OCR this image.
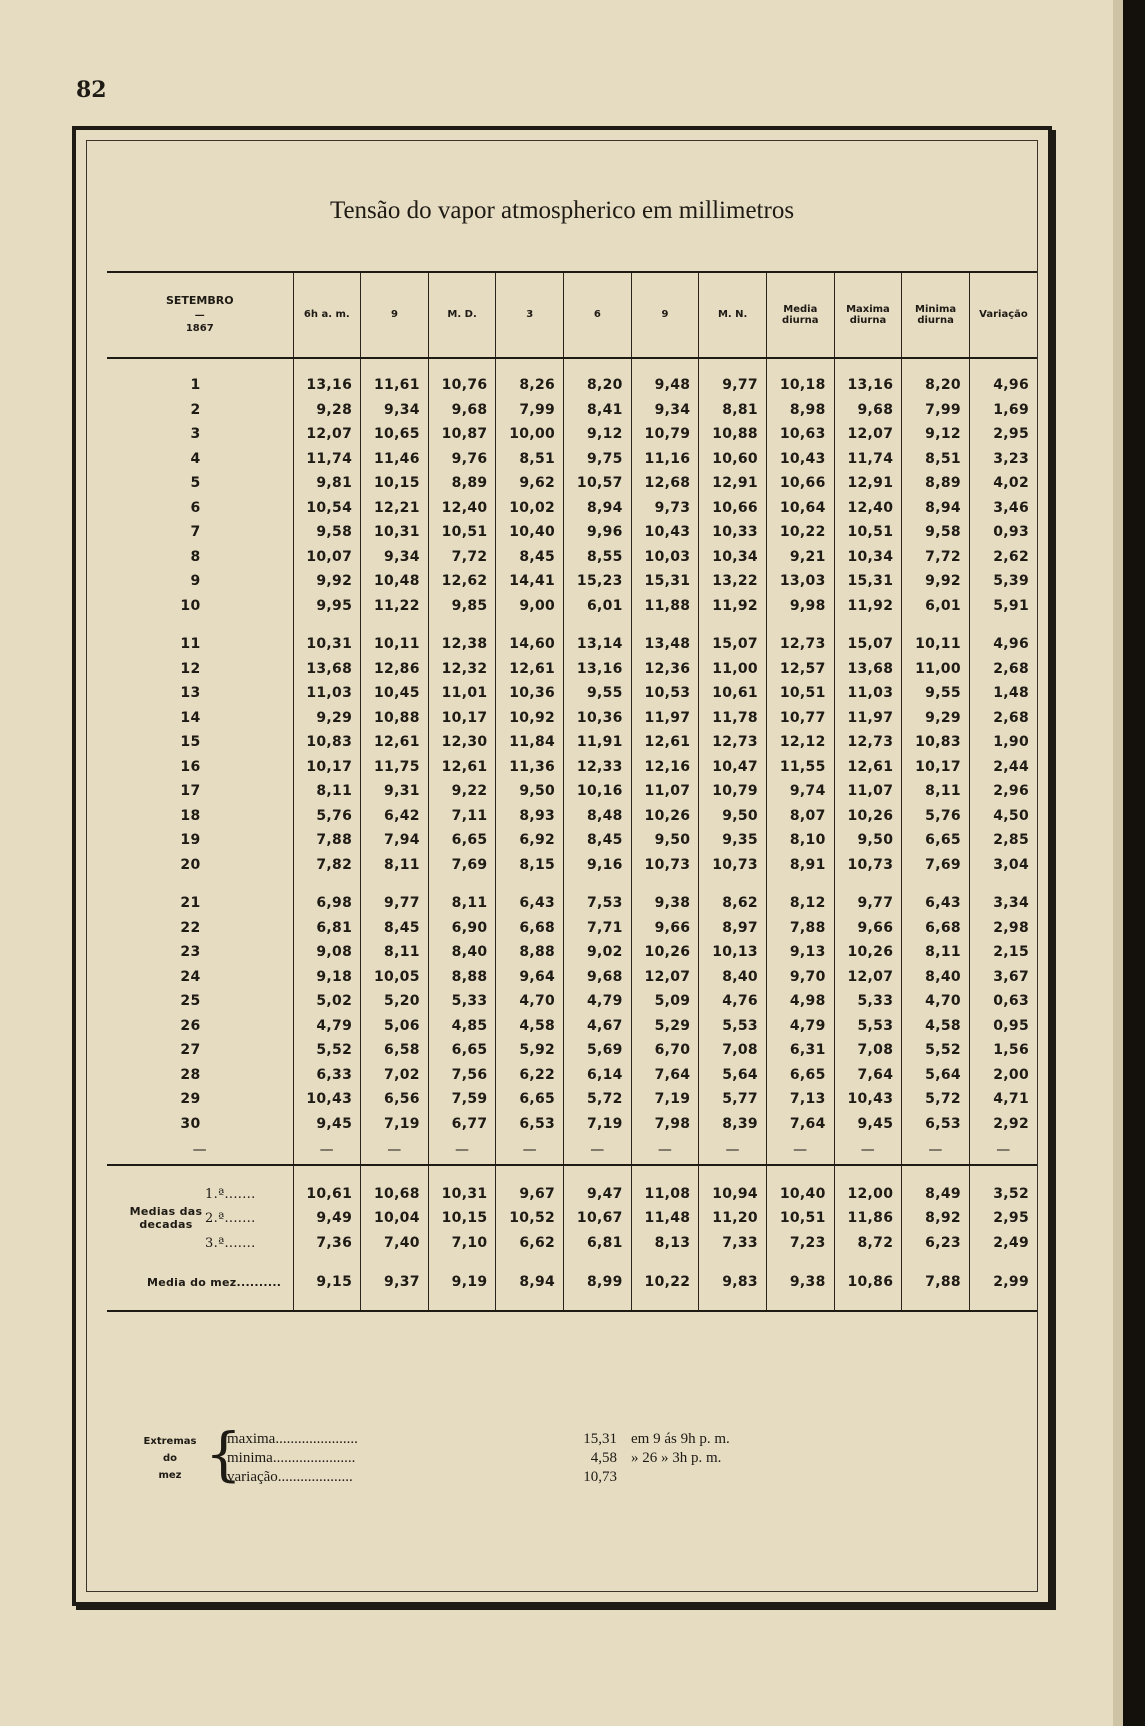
82
Tensão do vapor atmospherico em millimetros
SETEMBRO
—
1867	6h a. m.	9	M. D.	3	6	9	M. N.	Media diurna	Maxima diurna	Minima diurna	Variação
1	13,16	11,61	10,76	8,26	8,20	9,48	9,77	10,18	13,16	8,20	4,96
2	9,28	9,34	9,68	7,99	8,41	9,34	8,81	8,98	9,68	7,99	1,69
3	12,07	10,65	10,87	10,00	9,12	10,79	10,88	10,63	12,07	9,12	2,95
4	11,74	11,46	9,76	8,51	9,75	11,16	10,60	10,43	11,74	8,51	3,23
5	9,81	10,15	8,89	9,62	10,57	12,68	12,91	10,66	12,91	8,89	4,02
6	10,54	12,21	12,40	10,02	8,94	9,73	10,66	10,64	12,40	8,94	3,46
7	9,58	10,31	10,51	10,40	9,96	10,43	10,33	10,22	10,51	9,58	0,93
8	10,07	9,34	7,72	8,45	8,55	10,03	10,34	9,21	10,34	7,72	2,62
9	9,92	10,48	12,62	14,41	15,23	15,31	13,22	13,03	15,31	9,92	5,39
10	9,95	11,22	9,85	9,00	6,01	11,88	11,92	9,98	11,92	6,01	5,91
11	10,31	10,11	12,38	14,60	13,14	13,48	15,07	12,73	15,07	10,11	4,96
12	13,68	12,86	12,32	12,61	13,16	12,36	11,00	12,57	13,68	11,00	2,68
13	11,03	10,45	11,01	10,36	9,55	10,53	10,61	10,51	11,03	9,55	1,48
14	9,29	10,88	10,17	10,92	10,36	11,97	11,78	10,77	11,97	9,29	2,68
15	10,83	12,61	12,30	11,84	11,91	12,61	12,73	12,12	12,73	10,83	1,90
16	10,17	11,75	12,61	11,36	12,33	12,16	10,47	11,55	12,61	10,17	2,44
17	8,11	9,31	9,22	9,50	10,16	11,07	10,79	9,74	11,07	8,11	2,96
18	5,76	6,42	7,11	8,93	8,48	10,26	9,50	8,07	10,26	5,76	4,50
19	7,88	7,94	6,65	6,92	8,45	9,50	9,35	8,10	9,50	6,65	2,85
20	7,82	8,11	7,69	8,15	9,16	10,73	10,73	8,91	10,73	7,69	3,04
21	6,98	9,77	8,11	6,43	7,53	9,38	8,62	8,12	9,77	6,43	3,34
22	6,81	8,45	6,90	6,68	7,71	9,66	8,97	7,88	9,66	6,68	2,98
23	9,08	8,11	8,40	8,88	9,02	10,26	10,13	9,13	10,26	8,11	2,15
24	9,18	10,05	8,88	9,64	9,68	12,07	8,40	9,70	12,07	8,40	3,67
25	5,02	5,20	5,33	4,70	4,79	5,09	4,76	4,98	5,33	4,70	0,63
26	4,79	5,06	4,85	4,58	4,67	5,29	5,53	4,79	5,53	4,58	0,95
27	5,52	6,58	6,65	5,92	5,69	6,70	7,08	6,31	7,08	5,52	1,56
28	6,33	7,02	7,56	6,22	6,14	7,64	5,64	6,65	7,64	5,64	2,00
29	10,43	6,56	7,59	6,65	5,72	7,19	5,77	7,13	10,43	5,72	4,71
30	9,45	7,19	6,77	6,53	7,19	7,98	8,39	7,64	9,45	6,53	2,92
—	—	—	—	—	—	—	—	—	—	—	—
1.ª.......	10,61	10,68	10,31	9,67	9,47	11,08	10,94	10,40	12,00	8,49	3,52

Medias das
decadas 2.ª.......	9,49	10,04	10,15	10,52	10,67	11,48	11,20	10,51	11,86	8,92	2,95
3.ª.......	7,36	7,40	7,10	6,62	6,81	8,13	7,33	7,23	8,72	6,23	2,49
Media do mez..........	9,15	9,37	9,19	8,94	8,99	10,22	9,83	9,38	10,86	7,88	2,99
Extremas
do
mez {
maxima......................	15,31 em 9 ás 9h p. m.
minima......................	4,58 » 26 » 3h p. m.
variação....................	10,73
